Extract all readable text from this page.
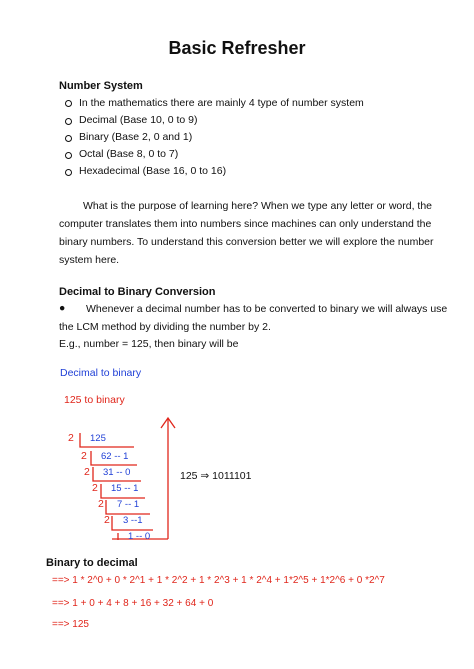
Basic Refresher
Number System
In the mathematics there are mainly 4 type of number system
Decimal (Base 10, 0 to 9)
Binary (Base 2, 0 and 1)
Octal (Base 8, 0 to 7)
Hexadecimal (Base 16, 0 to 16)
What is the purpose of learning here? When we type any letter or word, the
computer translates them into numbers since machines can only understand the
binary numbers. To understand this conversion better we will explore the number
system here.
Decimal to Binary Conversion
● Whenever a decimal number has to be converted to binary we will always use
the LCM method by dividing the number by 2.
E.g., number = 125, then binary will be
Decimal to binary
125 to binary
2
2
2
2
2
2
125
62 -- 1
31 -- 0
15 -- 1
7 -- 1
3 --1
1 -- 0
125 ⇒ 1011101
Binary to decimal
==> 1 * 2^0 + 0 * 2^1 + 1 * 2^2 + 1 * 2^3 + 1 * 2^4 + 1*2^5 + 1*2^6 + 0 *2^7
==> 1 + 0 + 4 + 8 + 16 + 32 + 64 + 0
==> 125
